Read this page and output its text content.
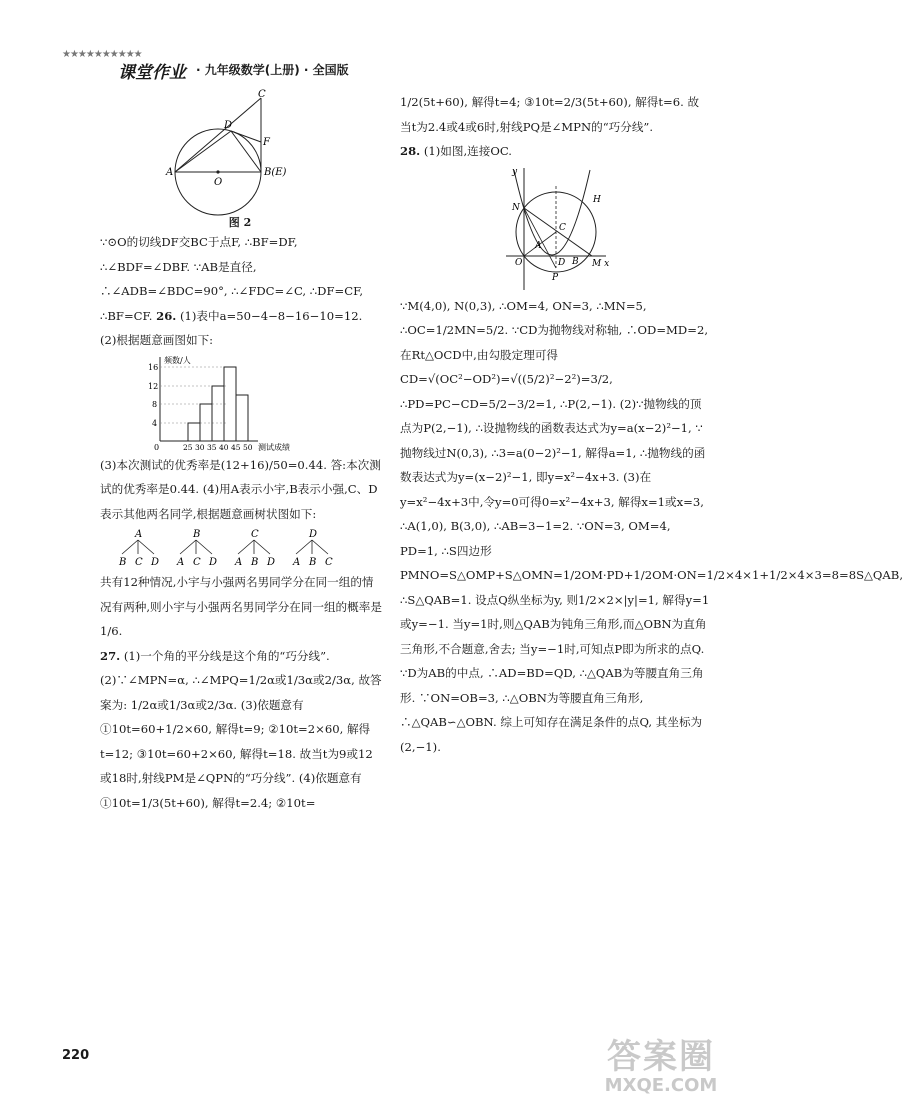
★★★★★★★★★★
课堂作业 · 九年级数学(上册) · 全国版
C
D
F
A
O
B(E)
图 2

∵⊙O的切线DF交BC于点F, ∴BF=DF, ∴∠BDF=∠DBF. ∵AB是直径, ∴∠ADB=∠BDC=90°, ∴∠FDC=∠C, ∴DF=CF, ∴BF=CF. 26. (1)表中a=50−4−8−16−10=12. (2)根据题意画图如下:

频数/人
16
12
8
4
0	25 30 35 40 45 50 测试成绩

(3)本次测试的优秀率是(12+16)/50=0.44. 答:本次测试的优秀率是0.44. (4)用A表示小宇,B表示小强,C、D表示其他两名同学,根据题意画树状图如下:

A
B C D
B
A C D
C
A B D
D
A B C

共有12种情况,小宇与小强两名男同学分在同一组的情况有两种,则小宇与小强两名男同学分在同一组的概率是1/6.

27. (1)一个角的平分线是这个角的“巧分线”. (2)∵∠MPN=α, ∴∠MPQ=1/2α或1/3α或2/3α, 故答案为: 1/2α或1/3α或2/3α. (3)依题意有①10t=60+1/2×60, 解得t=9; ②10t=2×60, 解得t=12; ③10t=60+2×60, 解得t=18. 故当t为9或12或18时,射线PM是∠QPN的“巧分线”. (4)依题意有①10t=1/3(5t+60), 解得t=2.4; ②10t=

1/2(5t+60), 解得t=4; ③10t=2/3(5t+60), 解得t=6. 故当t为2.4或4或6时,射线PQ是∠MPN的“巧分线”.

28. (1)如图,连接OC.

y
N
H
C
A
O	D B
P
M x

∵M(4,0), N(0,3), ∴OM=4, ON=3, ∴MN=5, ∴OC=1/2MN=5/2. ∵CD为抛物线对称轴, ∴OD=MD=2, 在Rt△OCD中,由勾股定理可得CD=√(OC²−OD²)=√((5/2)²−2²)=3/2, ∴PD=PC−CD=5/2−3/2=1, ∴P(2,−1). (2)∵抛物线的顶点为P(2,−1), ∴设抛物线的函数表达式为y=a(x−2)²−1, ∵抛物线过N(0,3), ∴3=a(0−2)²−1, 解得a=1, ∴抛物线的函数表达式为y=(x−2)²−1, 即y=x²−4x+3. (3)在y=x²−4x+3中,令y=0可得0=x²−4x+3, 解得x=1或x=3, ∴A(1,0), B(3,0), ∴AB=3−1=2. ∵ON=3, OM=4, PD=1, ∴S四边形PMNO=S△OMP+S△OMN=1/2OM·PD+1/2OM·ON=1/2×4×1+1/2×4×3=8=8S△QAB, ∴S△QAB=1. 设点Q纵坐标为y, 则1/2×2×|y|=1, 解得y=1或y=−1. 当y=1时,则△QAB为钝角三角形,而△OBN为直角三角形,不合题意,舍去; 当y=−1时,可知点P即为所求的点Q. ∵D为AB的中点, ∴AD=BD=QD, ∴△QAB为等腰直角三角形. ∵ON=OB=3, ∴△OBN为等腰直角三角形, ∴△QAB∽△OBN. 综上可知存在满足条件的点Q, 其坐标为(2,−1).

220	答案圈
MXQE.COM
